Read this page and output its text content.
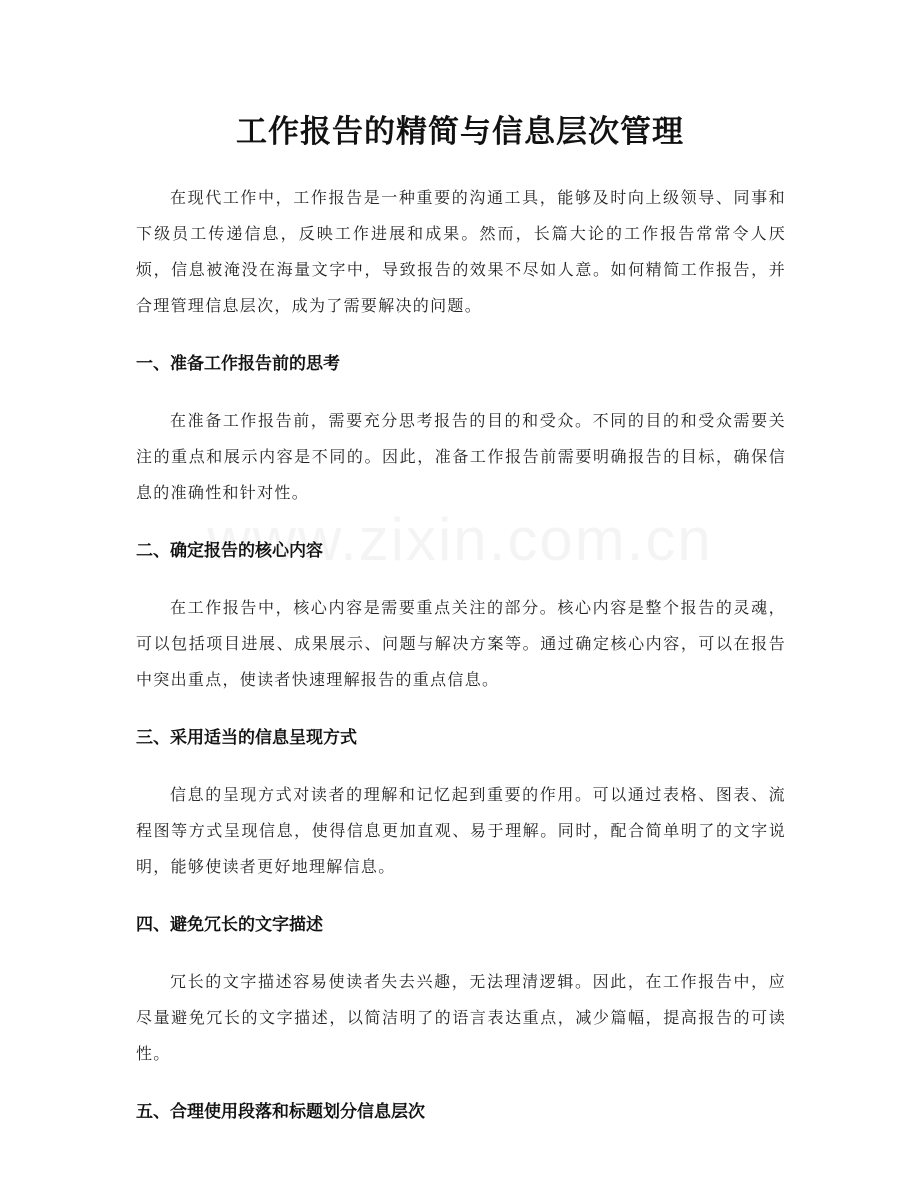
工作报告的精简与信息层次管理

在现代工作中，工作报告是一种重要的沟通工具，能够及时向上级领导、同事和下级员工传递信息，反映工作进展和成果。然而，长篇大论的工作报告常常令人厌烦，信息被淹没在海量文字中，导致报告的效果不尽如人意。如何精简工作报告，并合理管理信息层次，成为了需要解决的问题。

一、准备工作报告前的思考

在准备工作报告前，需要充分思考报告的目的和受众。不同的目的和受众需要关注的重点和展示内容是不同的。因此，准备工作报告前需要明确报告的目标，确保信息的准确性和针对性。

二、确定报告的核心内容

在工作报告中，核心内容是需要重点关注的部分。核心内容是整个报告的灵魂，可以包括项目进展、成果展示、问题与解决方案等。通过确定核心内容，可以在报告中突出重点，使读者快速理解报告的重点信息。

三、采用适当的信息呈现方式

信息的呈现方式对读者的理解和记忆起到重要的作用。可以通过表格、图表、流程图等方式呈现信息，使得信息更加直观、易于理解。同时，配合简单明了的文字说明，能够使读者更好地理解信息。

四、避免冗长的文字描述

冗长的文字描述容易使读者失去兴趣，无法理清逻辑。因此，在工作报告中，应尽量避免冗长的文字描述，以简洁明了的语言表达重点，减少篇幅，提高报告的可读性。

五、合理使用段落和标题划分信息层次
